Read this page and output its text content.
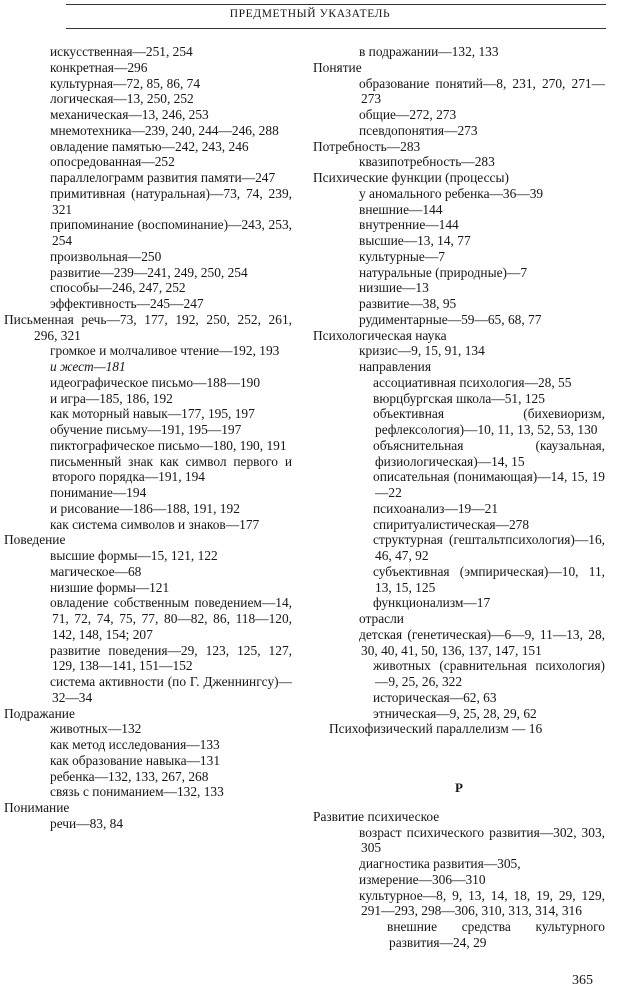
ПРЕДМЕТНЫЙ УКАЗАТЕЛЬ
искусственная—251, 254
конкретная—296
культурная—72, 85, 86, 74
логическая—13, 250, 252
механическая—13, 246, 253
мнемотехника—239, 240, 244—246, 288
овладение памятью—242, 243, 246
опосредованная—252
параллелограмм развития памяти—247
примитивная (натуральная)—73, 74, 239, 321
припоминание (воспоминание)—243, 253, 254
произвольная—250
развитие—239—241, 249, 250, 254
способы—246, 247, 252
эффективность—245—247
Письменная речь—73, 177, 192, 250, 252, 261, 296, 321
громкое и молчаливое чтение—192, 193
и жест—181
идеографическое письмо—188—190
и игра—185, 186, 192
как моторный навык—177, 195, 197
обучение письму—191, 195—197
пиктографическое письмо—180, 190, 191
письменный знак как символ первого и второго порядка—191, 194
понимание—194
и рисование—186—188, 191, 192
как система символов и знаков—177
Поведение
высшие формы—15, 121, 122
магическое—68
низшие формы—121
овладение собственным поведением—14, 71, 72, 74, 75, 77, 80—82, 86, 118—120, 142, 148, 154; 207
развитие поведения—29, 123, 125, 127, 129, 138—141, 151—152
система активности (по Г. Дженнингсу)—32—34
Подражание
животных—132
как метод исследования—133
как образование навыка—131
ребенка—132, 133, 267, 268
связь с пониманием—132, 133
Понимание
речи—83, 84
в подражании—132, 133
Понятие
образование понятий—8, 231, 270, 271—273
общие—272, 273
псевдопонятия—273
Потребность—283
квазипотребность—283
Психические функции (процессы)
у аномального ребенка—36—39
внешние—144
внутренние—144
высшие—13, 14, 77
культурные—7
натуральные (природные)—7
низшие—13
развитие—38, 95
рудиментарные—59—65, 68, 77
Психологическая наука
кризис—9, 15, 91, 134
направления
ассоциативная психология—28, 55
вюрцбургская школа—51, 125
объективная (бихевиоризм, рефлексология)—10, 11, 13, 52, 53, 130
объяснительная (каузальная, физиологическая)—14, 15
описательная (понимающая)—14, 15, 19—22
психоанализ—19—21
спиритуалистическая—278
структурная (гештальтпсихология)—16, 46, 47, 92
субъективная (эмпирическая)—10, 11, 13, 15, 125
функционализм—17
отрасли
детская (генетическая)—6—9, 11—13, 28, 30, 40, 41, 50, 136, 137, 147, 151
животных (сравнительная психология)—9, 25, 26, 322
историческая—62, 63
этническая—9, 25, 28, 29, 62
Психофизический параллелизм — 16
Р
Развитие психическое
возраст психического развития—302, 303, 305
диагностика развития—305,
измерение—306—310
культурное—8, 9, 13, 14, 18, 19, 29, 129, 291—293, 298—306, 310, 313, 314, 316
внешние средства культурного развития—24, 29
365
